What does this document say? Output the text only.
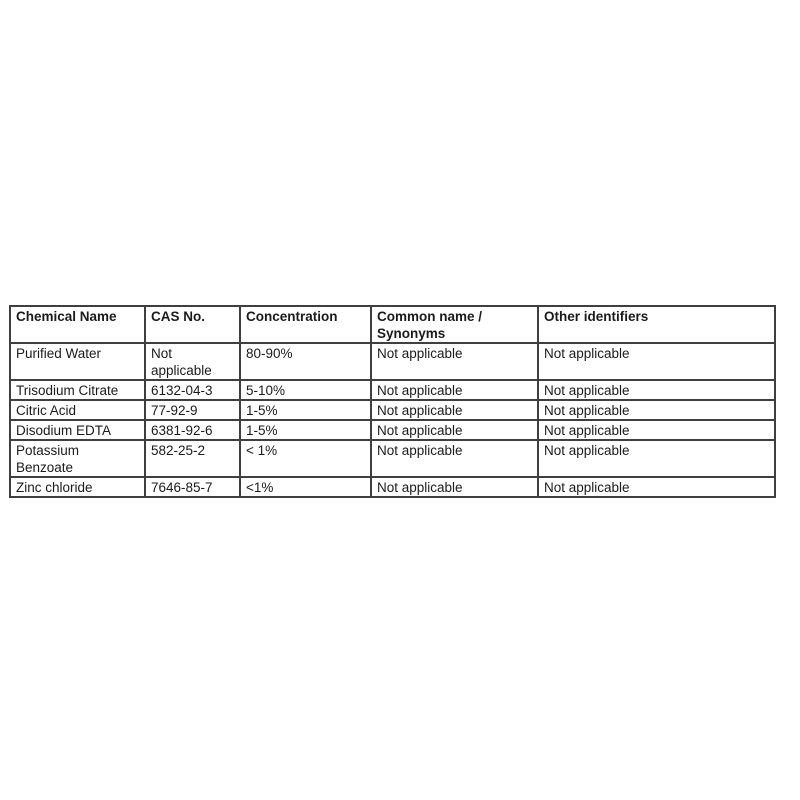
Chemical Name	CAS No.	Concentration	Common name / Synonyms	Other identifiers
Purified Water	Not applicable	80-90%	Not applicable	Not applicable
Trisodium Citrate	6132-04-3	5-10%	Not applicable	Not applicable
Citric Acid	77-92-9	1-5%	Not applicable	Not applicable
Disodium EDTA	6381-92-6	1-5%	Not applicable	Not applicable
Potassium Benzoate	582-25-2	< 1%	Not applicable	Not applicable
Zinc chloride	7646-85-7	<1%	Not applicable	Not applicable
